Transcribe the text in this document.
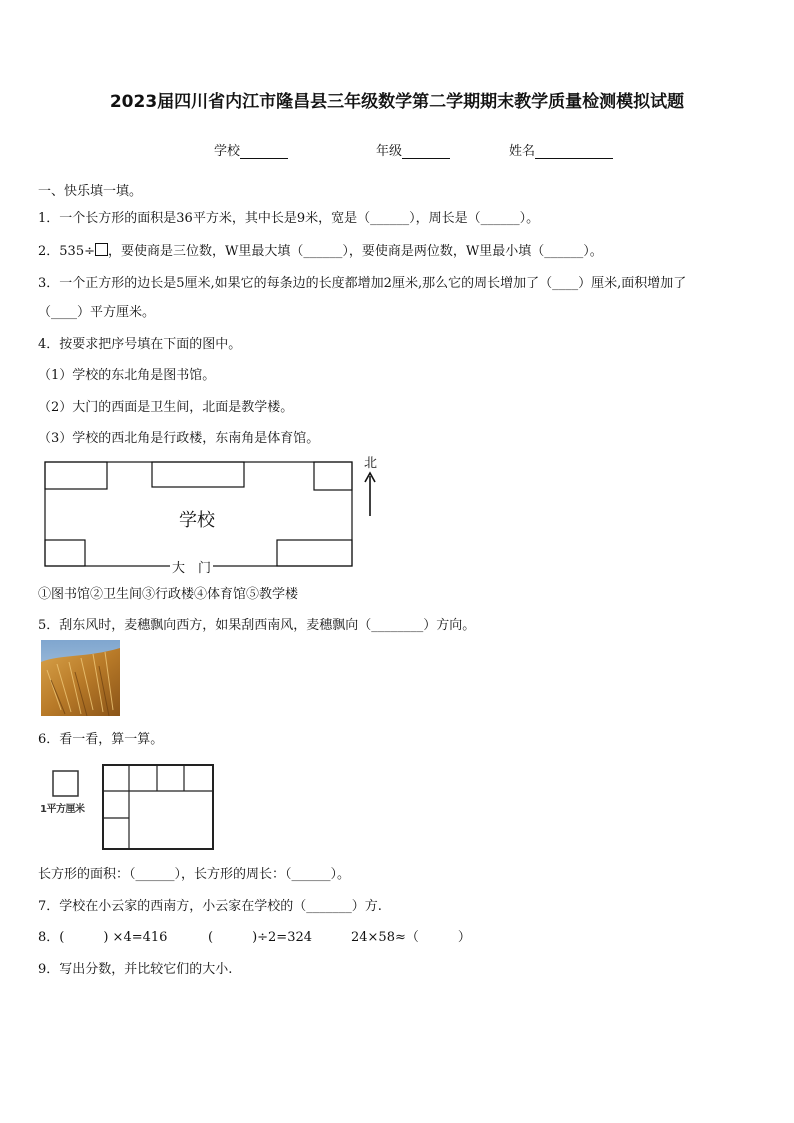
2023届四川省内江市隆昌县三年级数学第二学期期末教学质量检测模拟试题
学校	年级	姓名
一、快乐填一填。
1．一个长方形的面积是36平方米，其中长是9米，宽是（______），周长是（______）。
2．535÷ ，要使商是三位数，W里最大填（______），要使商是两位数，W里最小填（______）。
3．一个正方形的边长是5厘米,如果它的每条边的长度都增加2厘米,那么它的周长增加了（____）厘米,面积增加了
（____）平方厘米。
4．按要求把序号填在下面的图中。
（1）学校的东北角是图书馆。
（2）大门的西面是卫生间，北面是教学楼。
（3）学校的西北角是行政楼，东南角是体育馆。
学校
北
大　门
①图书馆②卫生间③行政楼④体育馆⑤教学楼
5．刮东风时，麦穗飘向西方，如果刮西南风，麦穗飘向（________）方向。
6．看一看，算一算。
1平方厘米
长方形的面积：（______），长方形的周长：（______）。
7．学校在小云家的西南方，小云家在学校的（_______）方.
8．(　　　) ×4=416	(　　　)÷2=324	24×58≈（　　　）
9．写出分数，并比较它们的大小.
